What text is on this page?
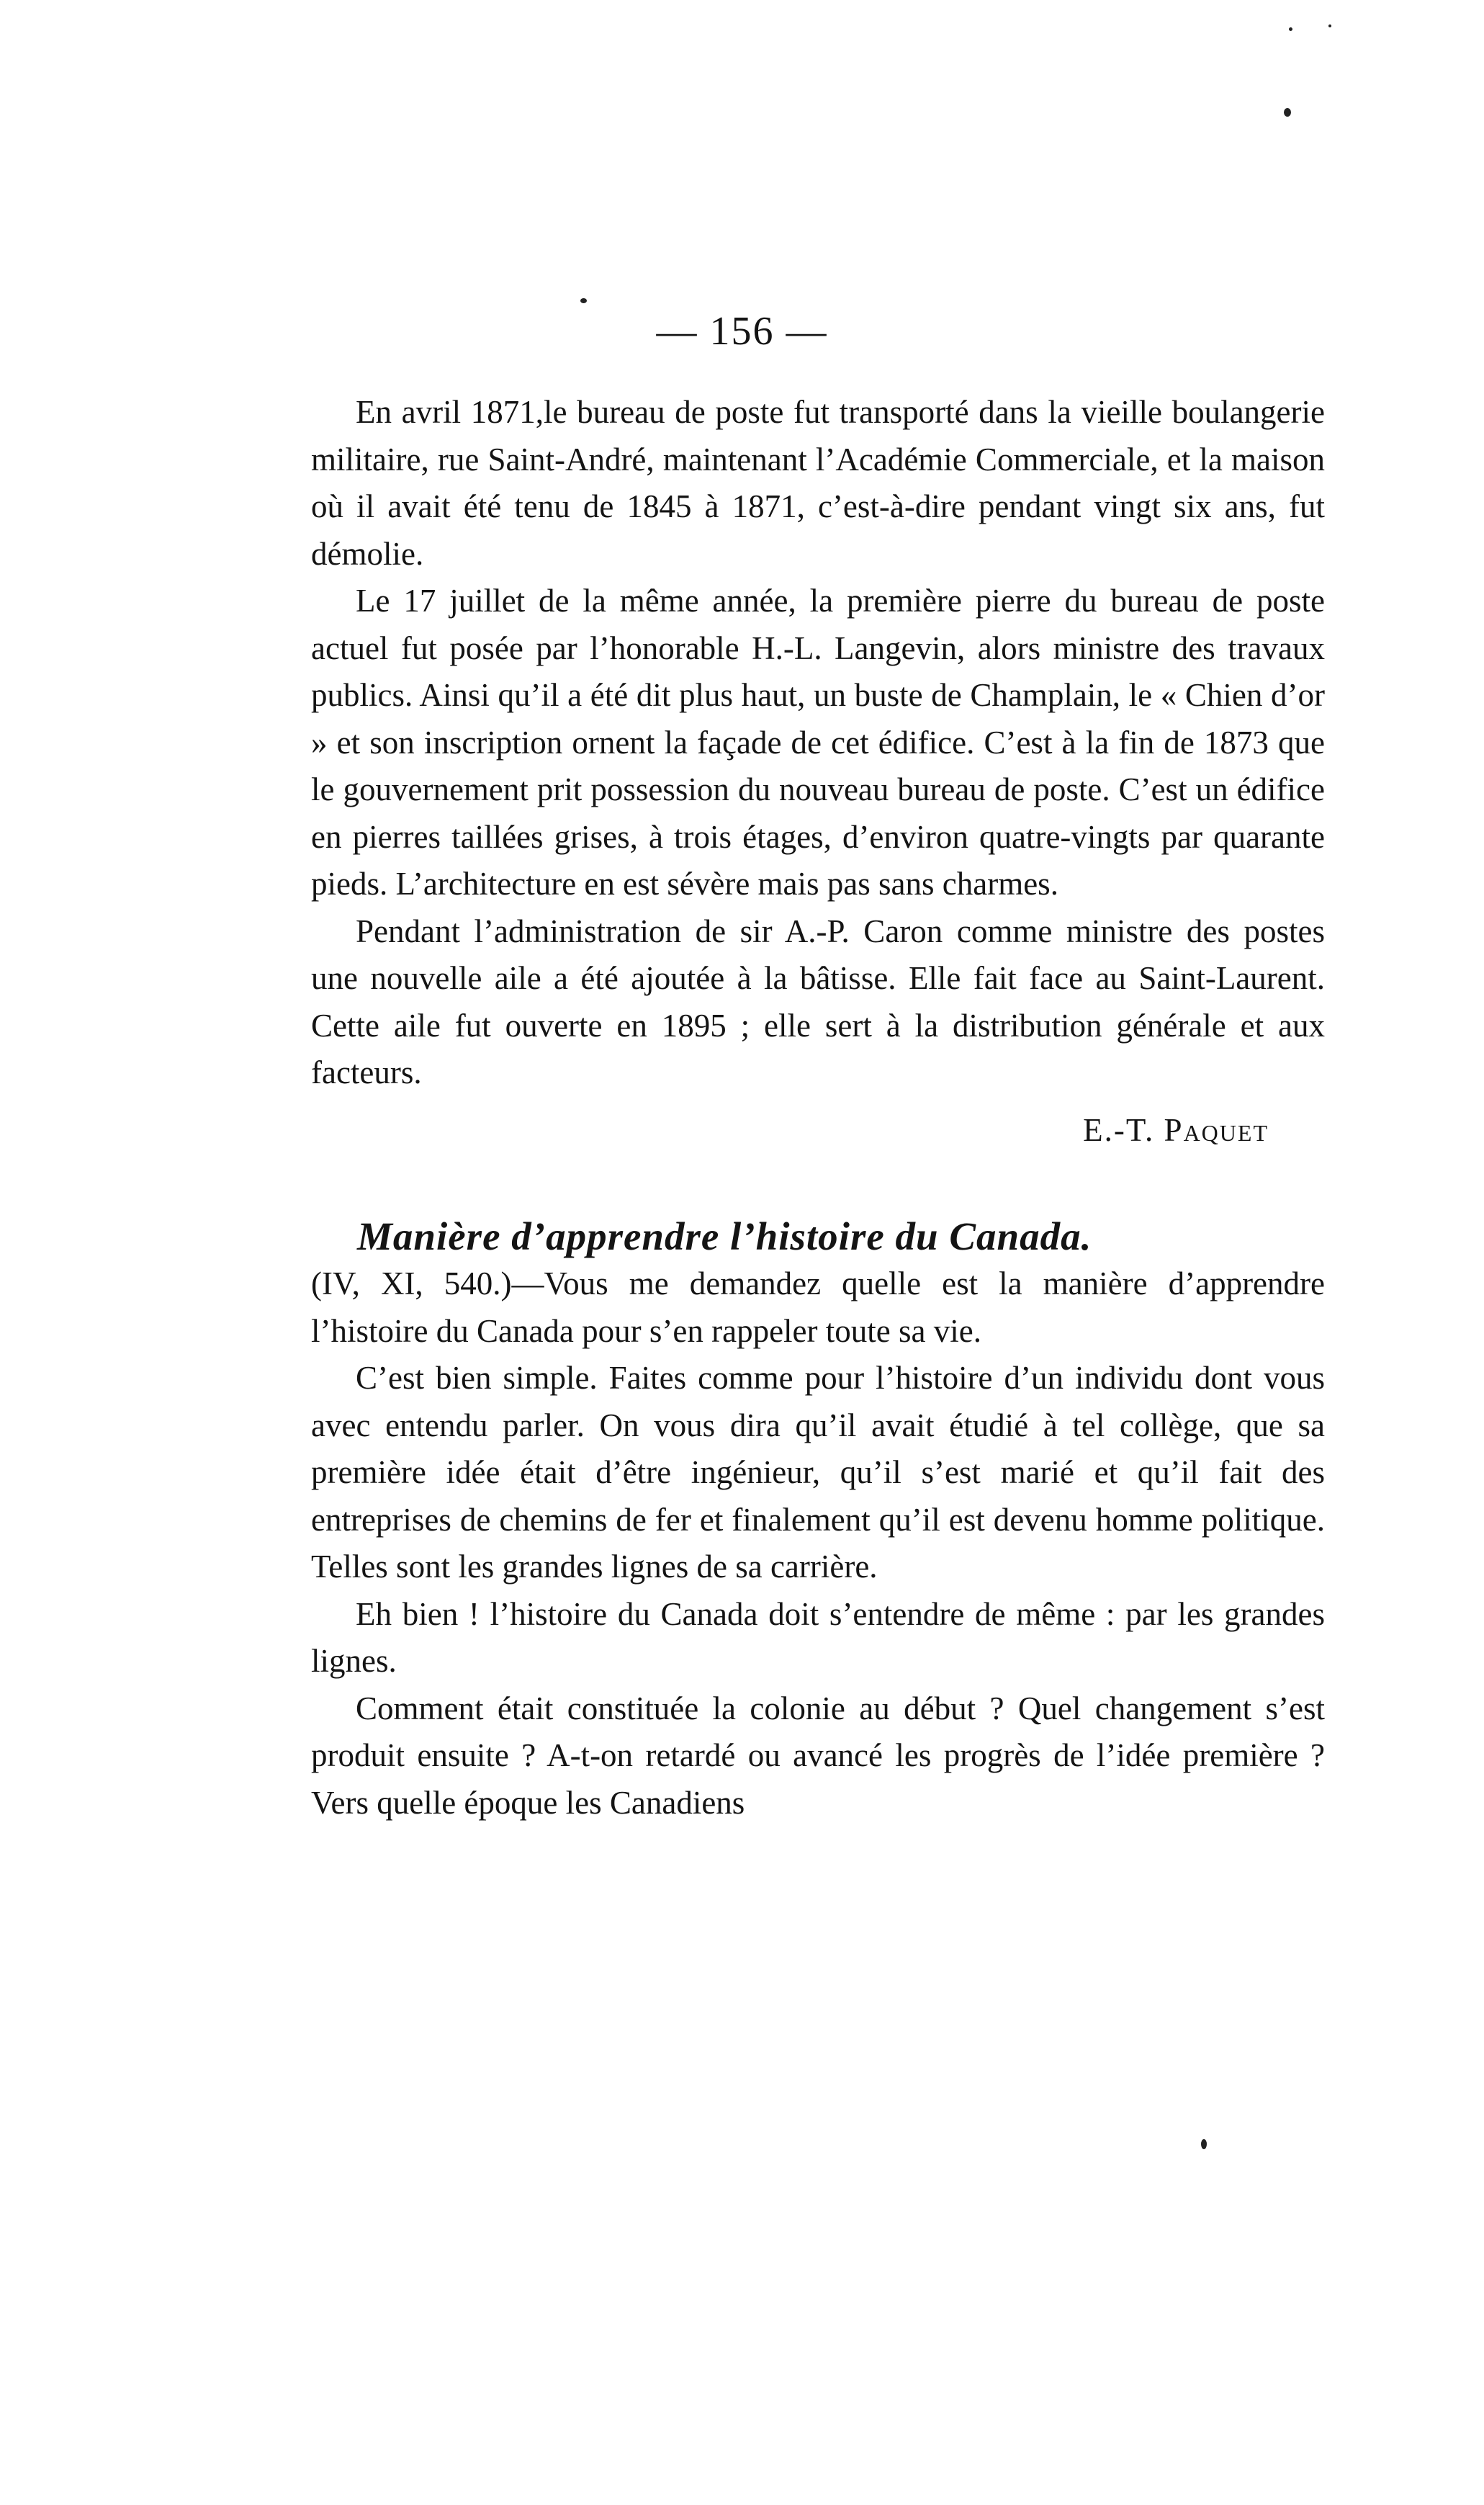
— 156 —

En avril 1871,le bureau de poste fut transporté dans la vieille boulangerie militaire, rue Saint-André, maintenant l’Académie Commerciale, et la maison où il avait été tenu de 1845 à 1871, c’est-à-dire pendant vingt six ans, fut démolie.

Le 17 juillet de la même année, la première pierre du bureau de poste actuel fut posée par l’honorable H.-L. Langevin, alors ministre des travaux publics. Ainsi qu’il a été dit plus haut, un buste de Champlain, le « Chien d’or » et son inscription ornent la façade de cet édifice. C’est à la fin de 1873 que le gouvernement prit possession du nouveau bureau de poste. C’est un édifice en pierres taillées grises, à trois étages, d’environ quatre-vingts par quarante pieds. L’architecture en est sévère mais pas sans charmes.

Pendant l’administration de sir A.-P. Caron comme ministre des postes une nouvelle aile a été ajoutée à la bâtisse. Elle fait face au Saint-Laurent. Cette aile fut ouverte en 1895 ; elle sert à la distribution générale et aux facteurs.

E.-T. Paquet

Manière d’apprendre l’histoire du Canada.

(IV, XI, 540.)—Vous me demandez quelle est la manière d’apprendre l’histoire du Canada pour s’en rappeler toute sa vie.

C’est bien simple. Faites comme pour l’histoire d’un individu dont vous avec entendu parler. On vous dira qu’il avait étudié à tel collège, que sa première idée était d’être ingénieur, qu’il s’est marié et qu’il fait des entreprises de chemins de fer et finalement qu’il est devenu homme politique. Telles sont les grandes lignes de sa carrière.

Eh bien ! l’histoire du Canada doit s’entendre de même : par les grandes lignes.

Comment était constituée la colonie au début ? Quel changement s’est produit ensuite ? A-t-on retardé ou avancé les progrès de l’idée première ? Vers quelle époque les Canadiens
